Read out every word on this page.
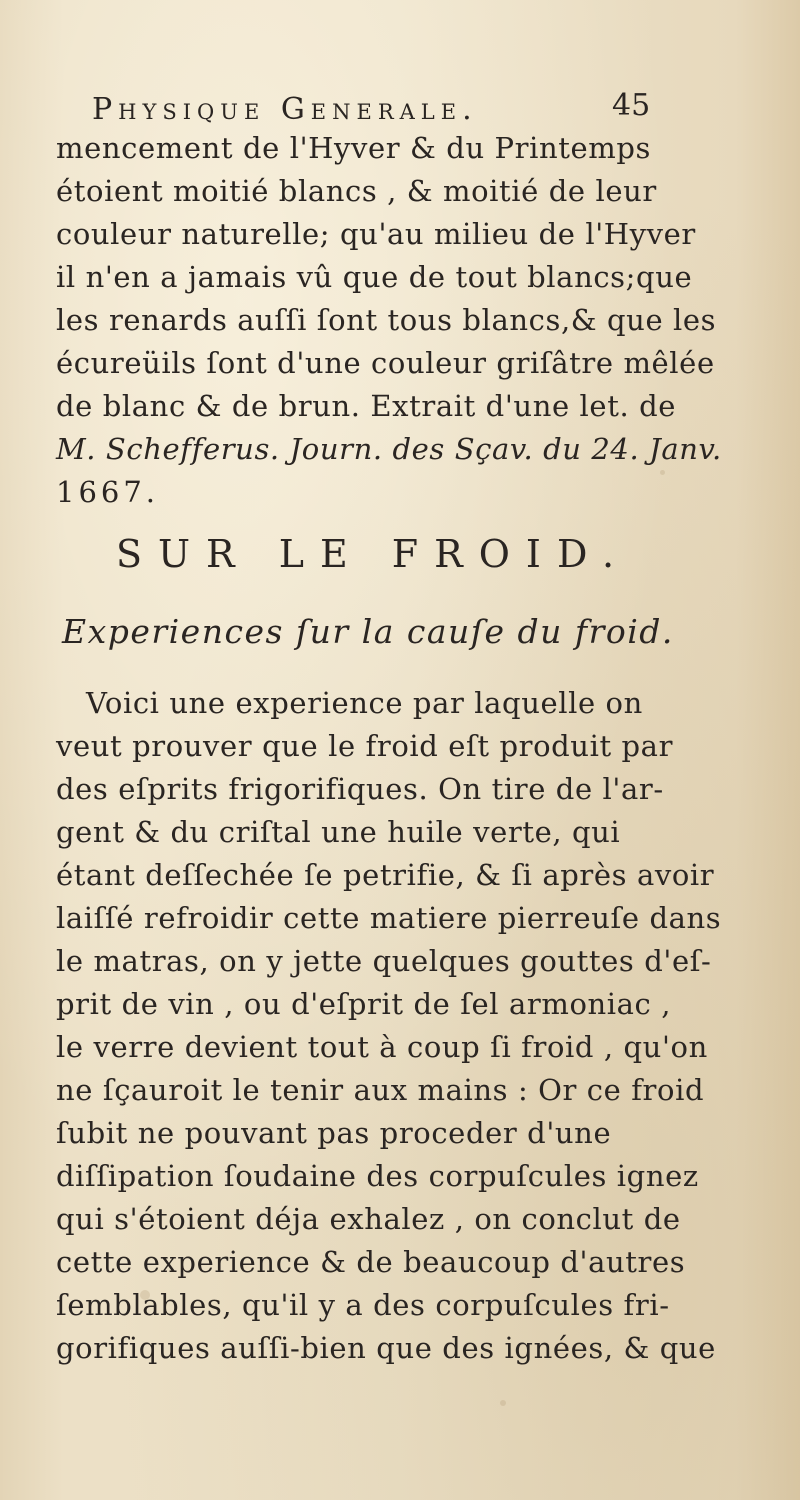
Physique Generale.	45
mencement de l'Hyver & du Printemps
étoient moitié blancs , & moitié de leur
couleur naturelle; qu'au milieu de l'Hyver
il n'en a jamais vû que de tout blancs;que
les renards auſſi ſont tous blancs,& que les
écureüils ſont d'une couleur griſâtre mêlée
de blanc & de brun. Extrait d'une let. de
M. Schefferus. Journ. des Sçav. du 24. Janv.
1667.
SUR LE FROID.
Experiences ſur la cauſe du froid.
Voici une experience par laquelle on
veut prouver que le froid eſt produit par
des eſprits frigorifiques. On tire de l'ar-
gent & du criſtal une huile verte, qui
étant deſſechée ſe petrifie, & ſi après avoir
laiſſé refroidir cette matiere pierreuſe dans
le matras, on y jette quelques gouttes d'eſ-
prit de vin , ou d'eſprit de ſel armoniac ,
le verre devient tout à coup ſi froid , qu'on
ne ſçauroit le tenir aux mains : Or ce froid
ſubit ne pouvant pas proceder d'une
diſſipation ſoudaine des corpuſcules ignez
qui s'étoient déja exhalez , on conclut de
cette experience & de beaucoup d'autres
ſemblables, qu'il y a des corpuſcules fri-
gorifiques auſſi-bien que des ignées, & que
